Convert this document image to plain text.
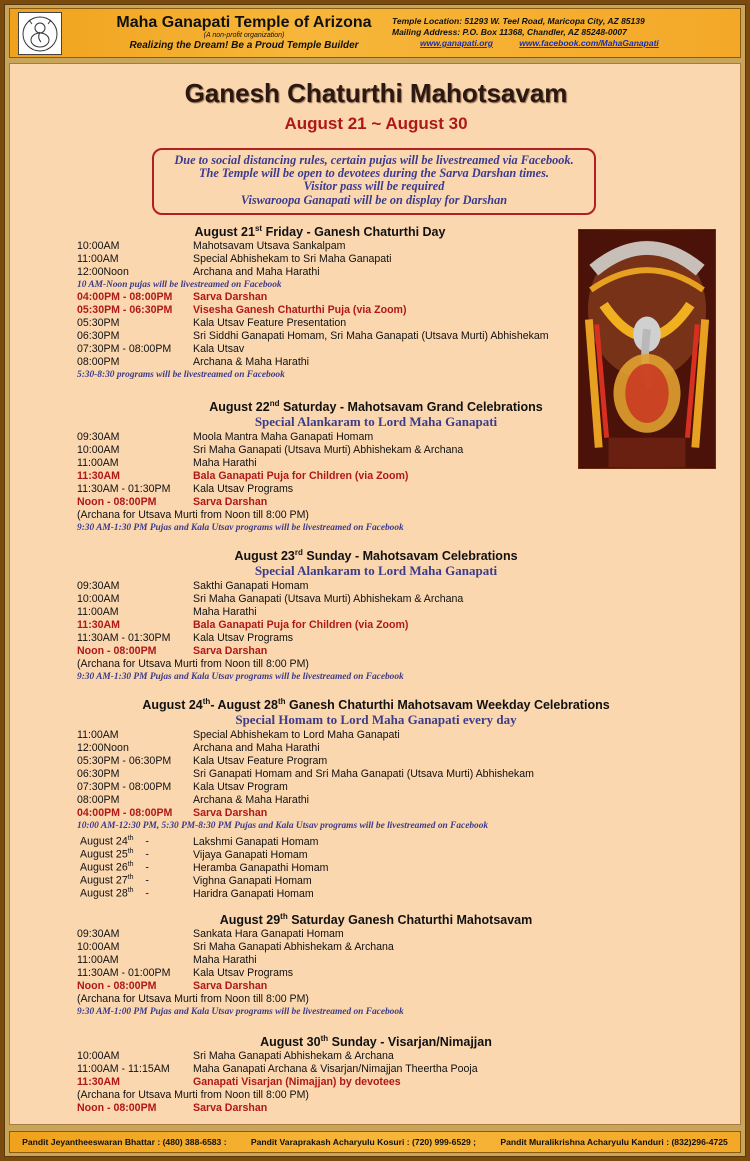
Maha Ganapati Temple of Arizona
(A non-profit organization)
Realizing the Dream! Be a Proud Temple Builder
Temple Location: 51293 W. Teel Road, Maricopa City, AZ 85139
Mailing Address: P.O. Box 11368, Chandler, AZ 85248-0007
www.ganapati.org	www.facebook.com/MahaGanapati
Ganesh Chaturthi Mahotsavam
August 21 ~ August 30
Due to social distancing rules, certain pujas will be livestreamed via Facebook.
The Temple will be open to devotees during the Sarva Darshan times.
Visitor pass will be required
Viswaroopa Ganapati will be on display for Darshan
August 21st Friday - Ganesh Chaturthi Day
10:00AM	Mahotsavam Utsava Sankalpam
11:00AM	Special Abhishekam to Sri Maha Ganapati
12:00Noon	Archana and Maha Harathi
10 AM-Noon pujas will be livestreamed on Facebook
04:00PM - 08:00PM Sarva Darshan
05:30PM - 06:30PM Visesha Ganesh Chaturthi Puja (via Zoom)
05:30PM	Kala Utsav Feature Presentation
06:30PM	Sri Siddhi Ganapati Homam, Sri Maha Ganapati (Utsava Murti) Abhishekam
07:30PM - 08:00PM Kala Utsav
08:00PM	Archana & Maha Harathi
5:30-8:30 programs will be livestreamed on Facebook
August 22nd Saturday - Mahotsavam Grand Celebrations
Special Alankaram to Lord Maha Ganapati
09:30AM	Moola Mantra Maha Ganapati Homam
10:00AM	Sri Maha Ganapati (Utsava Murti) Abhishekam & Archana
11:00AM	Maha Harathi
11:30AM	Bala Ganapati Puja for Children (via Zoom)
11:30AM - 01:30PM Kala Utsav Programs
Noon - 08:00PM	Sarva Darshan
(Archana for Utsava Murti from Noon till 8:00 PM)
9:30 AM-1:30 PM Pujas and Kala Utsav programs will be livestreamed on Facebook
August 23rd Sunday - Mahotsavam Celebrations
Special Alankaram to Lord Maha Ganapati
09:30AM	Sakthi Ganapati Homam
10:00AM	Sri Maha Ganapati (Utsava Murti) Abhishekam & Archana
11:00AM	Maha Harathi
11:30AM	Bala Ganapati Puja for Children (via Zoom)
11:30AM - 01:30PM Kala Utsav Programs
Noon - 08:00PM	Sarva Darshan
(Archana for Utsava Murti from Noon till 8:00 PM)
9:30 AM-1:30 PM Pujas and Kala Utsav programs will be livestreamed on Facebook
August 24th- August 28th Ganesh Chaturthi Mahotsavam Weekday Celebrations
Special Homam to Lord Maha Ganapati every day
11:00AM	Special Abhishekam to Lord Maha Ganapati
12:00Noon	Archana and Maha Harathi
05:30PM - 06:30PM Kala Utsav Feature Program
06:30PM	Sri Ganapati Homam and Sri Maha Ganapati (Utsava Murti) Abhishekam
07:30PM - 08:00PM Kala Utsav Program
08:00PM	Archana & Maha Harathi
04:00PM - 08:00PM Sarva Darshan
10:00 AM-12:30 PM, 5:30 PM-8:30 PM Pujas and Kala Utsav programs will be livestreamed on Facebook
August 24th    -	Lakshmi Ganapati Homam
August 25th    -	Vijaya Ganapati Homam
August 26th    -	Heramba Ganapathi Homam
August 27th    -	Vighna Ganapati Homam
August 28th    -	Haridra Ganapati Homam
August 29th Saturday Ganesh Chaturthi Mahotsavam
09:30AM	Sankata Hara Ganapati Homam
10:00AM	Sri Maha Ganapati Abhishekam & Archana
11:00AM	Maha Harathi
11:30AM - 01:00PM Kala Utsav Programs
Noon - 08:00PM	Sarva Darshan
(Archana for Utsava Murti from Noon till 8:00 PM)
9:30 AM-1:00 PM Pujas and Kala Utsav programs will be livestreamed on Facebook
August 30th Sunday - Visarjan/Nimajjan
10:00AM	Sri Maha Ganapati Abhishekam & Archana
11:00AM - 11:15AM Maha Ganapati Archana & Visarjan/Nimajjan Theertha Pooja
11:30AM	Ganapati Visarjan (Nimajjan) by devotees
(Archana for Utsava Murti from Noon till 8:00 PM)
Noon - 08:00PM	Sarva Darshan
Pandit Jeyantheeswaran Bhattar : (480) 388-6583 :	Pandit Varaprakash Acharyulu Kosuri : (720) 999-6529 ;	Pandit Muralikrishna Acharyulu Kanduri : (832)296-4725
